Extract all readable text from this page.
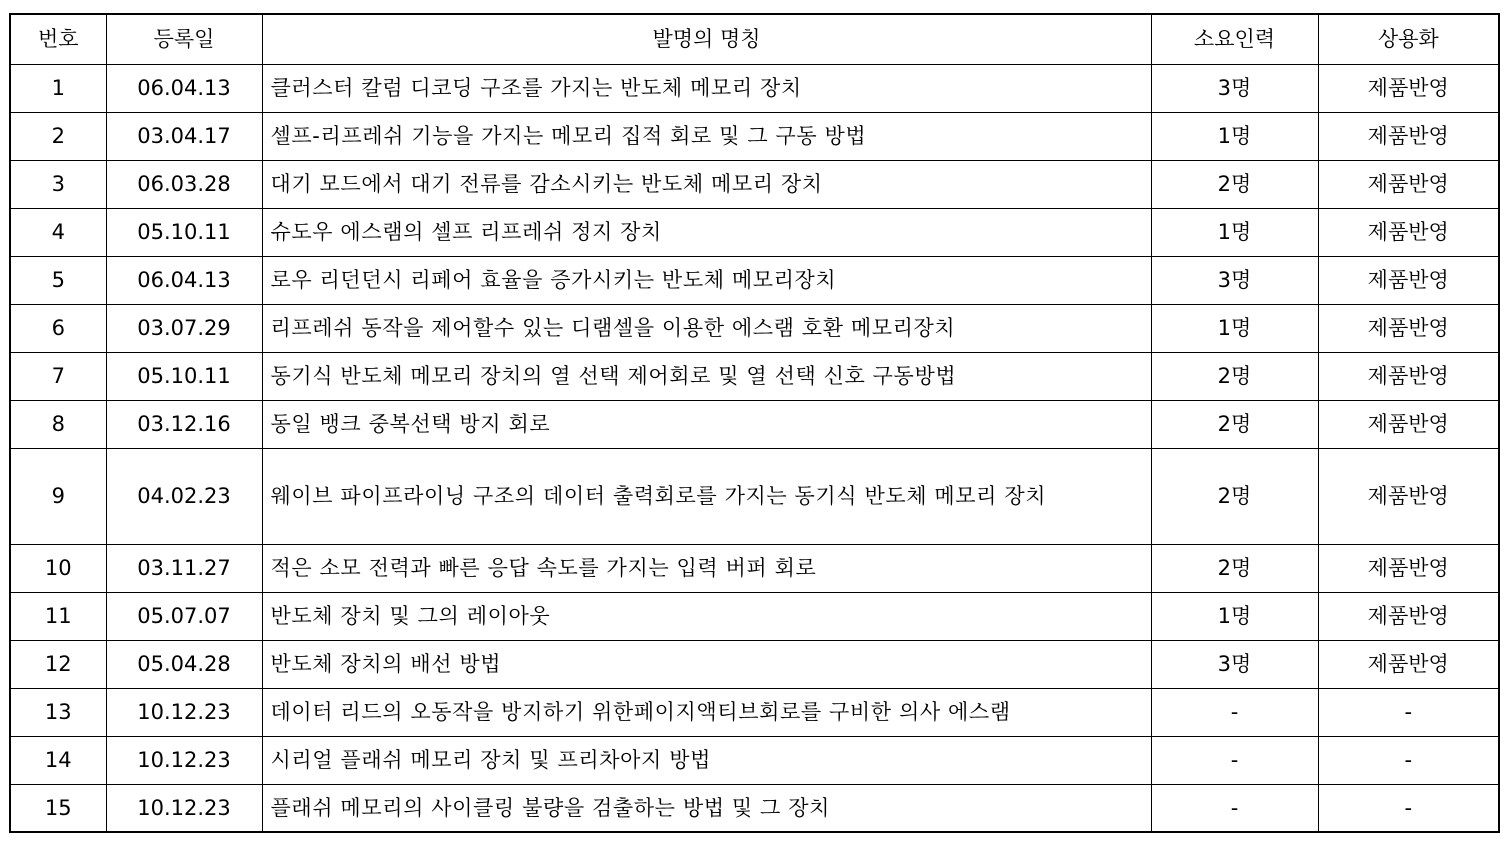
번호	등록일	발명의 명칭	소요인력	상용화
1	06.04.13	클러스터 칼럼 디코딩 구조를 가지는 반도체 메모리 장치	3명	제품반영
2	03.04.17	셀프-리프레쉬 기능을 가지는 메모리 집적 회로 및 그 구동 방법	1명	제품반영
3	06.03.28	대기 모드에서 대기 전류를 감소시키는 반도체 메모리 장치	2명	제품반영
4	05.10.11	슈도우 에스램의 셀프 리프레쉬 정지 장치	1명	제품반영
5	06.04.13	로우 리던던시 리페어 효율을 증가시키는 반도체 메모리장치	3명	제품반영
6	03.07.29	리프레쉬 동작을 제어할수 있는 디램셀을 이용한 에스램 호환 메모리장치	1명	제품반영
7	05.10.11	동기식 반도체 메모리 장치의 열 선택 제어회로 및 열 선택 신호 구동방법	2명	제품반영
8	03.12.16	동일 뱅크 중복선택 방지 회로	2명	제품반영
9	04.02.23	웨이브 파이프라이닝 구조의 데이터 출력회로를 가지는 동기식 반도체 메모리 장치	2명	제품반영
10	03.11.27	적은 소모 전력과 빠른 응답 속도를 가지는 입력 버퍼 회로	2명	제품반영
11	05.07.07	반도체 장치 및 그의 레이아웃	1명	제품반영
12	05.04.28	반도체 장치의 배선 방법	3명	제품반영
13	10.12.23	데이터 리드의 오동작을 방지하기 위한페이지액티브회로를 구비한 의사 에스램	-	-
14	10.12.23	시리얼 플래쉬 메모리 장치 및 프리차아지 방법	-	-
15	10.12.23	플래쉬 메모리의 사이클링 불량을 검출하는 방법 및 그 장치	-	-
